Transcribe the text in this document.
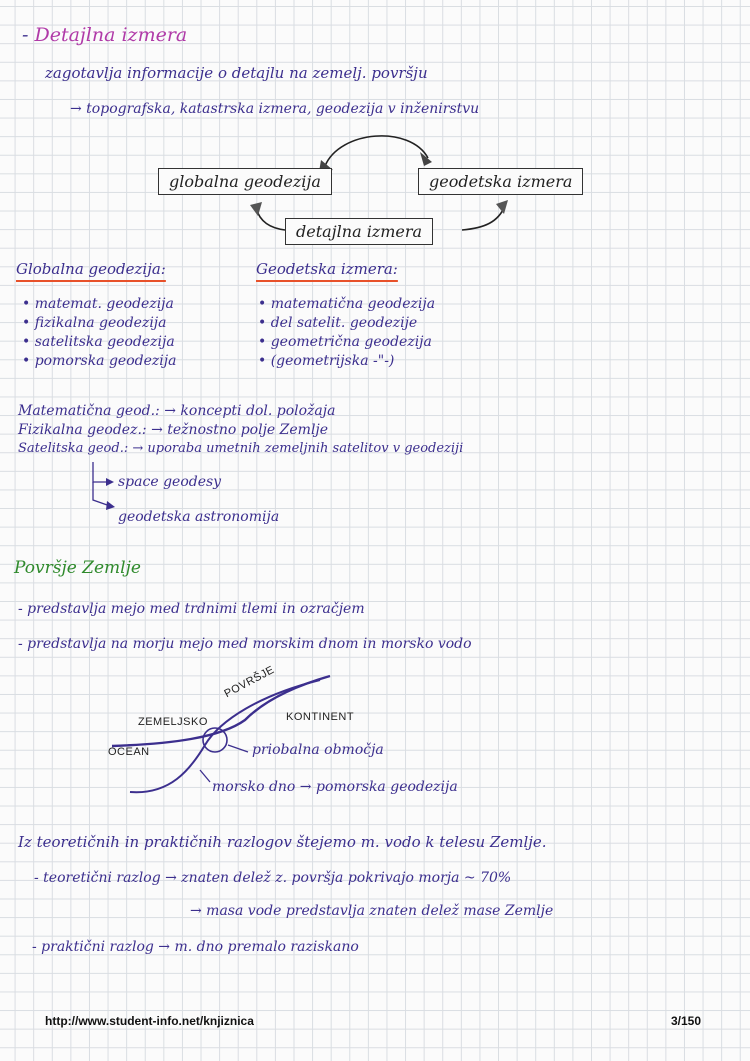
- Detajlna izmera
zagotavlja informacije o detajlu na zemelj. površju
→ topografska, katastrska izmera, geodezija v inženirstvu
globalna geodezija	geodetska izmera
detajlna izmera
Globalna geodezija:	Geodetska izmera:
• matemat. geodezija
• fizikalna geodezija
• satelitska geodezija
• pomorska geodezija
• matematična geodezija
• del satelit. geodezije
• geometrična geodezija
• (geometrijska -"-)
Matematična geod.: → koncepti dol. položaja
Fizikalna geodez.: → težnostno polje Zemlje
Satelitska geod.: → uporaba umetnih zemeljnih satelitov v geodeziji
space geodesy
geodetska astronomija
Površje Zemlje
- predstavlja mejo med trdnimi tlemi in ozračjem
- predstavlja na morju mejo med morskim dnom in morsko vodo
POVRŠJE
ZEMELJSKO	KONTINENT
OCEAN	priobalna območja
morsko dno → pomorska geodezija
Iz teoretičnih in praktičnih razlogov štejemo m. vodo k telesu Zemlje.
- teoretični razlog → znaten delež z. površja pokrivajo morja ~ 70%
→ masa vode predstavlja znaten delež mase Zemlje
- praktični razlog → m. dno premalo raziskano
http://www.student-info.net/knjiznica	3/150
